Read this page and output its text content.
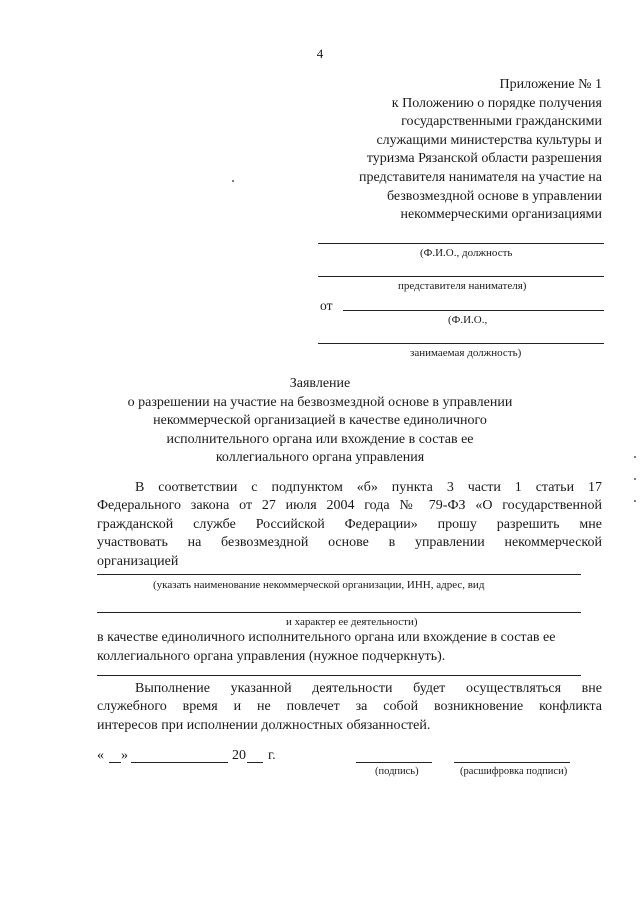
4
Приложение № 1
к Положению о порядке получения
государственными гражданскими
служащими министерства культуры и
туризма Рязанской области разрешения
представителя нанимателя на участие на
безвозмездной основе в управлении
некоммерческими организациями
(Ф.И.О., должность
представителя нанимателя)
от
(Ф.И.О.,
занимаемая должность)
Заявление
о разрешении на участие на безвозмездной основе в управлении
некоммерческой организацией в качестве единоличного
исполнительного органа или вхождение в состав ее
коллегиального органа управления
В соответствии с подпунктом «б» пункта 3 части 1 статьи 17
Федерального закона от 27 июля 2004 года № 79-ФЗ «О государственной
гражданской службе Российской Федерации» прошу разрешить мне
участвовать на безвозмездной основе в управлении некоммерческой
организацией
(указать наименование некоммерческой организации, ИНН, адрес, вид
и характер ее деятельности)
в качестве единоличного исполнительного органа или вхождение в состав ее
коллегиального органа управления (нужное подчеркнуть).
Выполнение указанной деятельности будет осуществляться вне
служебного время и не повлечет за собой возникновение конфликта
интересов при исполнении должностных обязанностей.
« »	20 г.
(подпись)	(расшифровка подписи)
